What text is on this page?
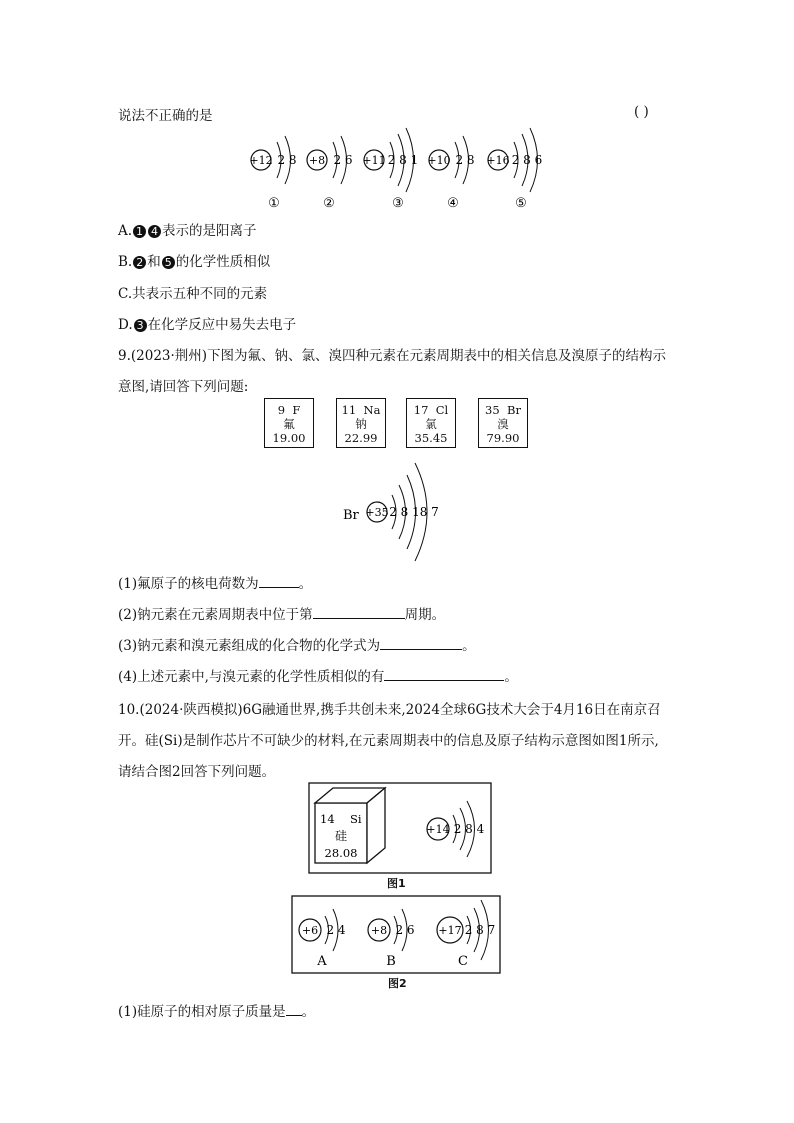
说法不正确的是	( )
+12 2 8
①
+8 2 6
②
+11 2 8 1
③
+10 2 8
④
+16 2 8 6
⑤
A. 1 4 表示的是阳离子
B. 2 和 5 的化学性质相似
C.共表示五种不同的元素
D. 3 在化学反应中易失去电子
9.(2023·荆州)下图为氟、钠、氯、溴四种元素在元素周期表中的相关信息及溴原子的结构示
意图,请回答下列问题:
9 F
氟
19.00
11 Na
钠
22.99
17 Cl
氯
35.45
35 Br
溴
79.90
Br +35 2 8 18 7
(1)氟原子的核电荷数为	。
(2)钠元素在元素周期表中位于第	周期。
(3)钠元素和溴元素组成的化合物的化学式为	。
(4)上述元素中,与溴元素的化学性质相似的有	。
10.(2024·陕西模拟)6G融通世界,携手共创未来,2024全球6G技术大会于4月16日在南京召
开。硅(Si)是制作芯片不可缺少的材料,在元素周期表中的信息及原子结构示意图如图1所示,
请结合图2回答下列问题。
14 Si
硅
28.08
+14 2 8 4
图1
+6 2 4
A
+8 2 6
B
+17 2 8 7
C
图2
(1)硅原子的相对原子质量是 。
